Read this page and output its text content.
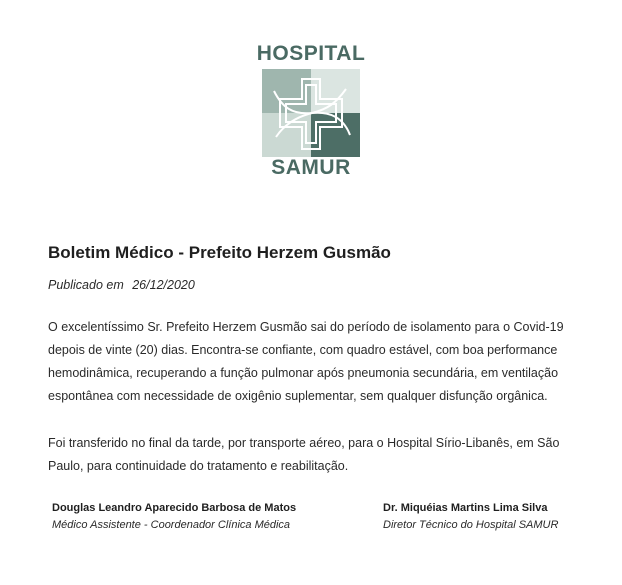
HOSPITAL
SAMUR
Boletim Médico - Prefeito Herzem Gusmão
Publicado em 26/12/2020
O excelentíssimo Sr. Prefeito Herzem Gusmão sai do período de isolamento para o Covid-19 depois de vinte (20) dias. Encontra-se confiante, com quadro estável, com boa performance hemodinâmica, recuperando a função pulmonar após pneumonia secundária, em ventilação espontânea com necessidade de oxigênio suplementar, sem qualquer disfunção orgânica.
Foi transferido no final da tarde, por transporte aéreo, para o Hospital Sírio-Libanês, em São Paulo, para continuidade do tratamento e reabilitação.
Douglas Leandro Aparecido Barbosa de Matos
Médico Assistente - Coordenador Clínica Médica
Dr. Miquéias Martins Lima Silva
Diretor Técnico do Hospital SAMUR
